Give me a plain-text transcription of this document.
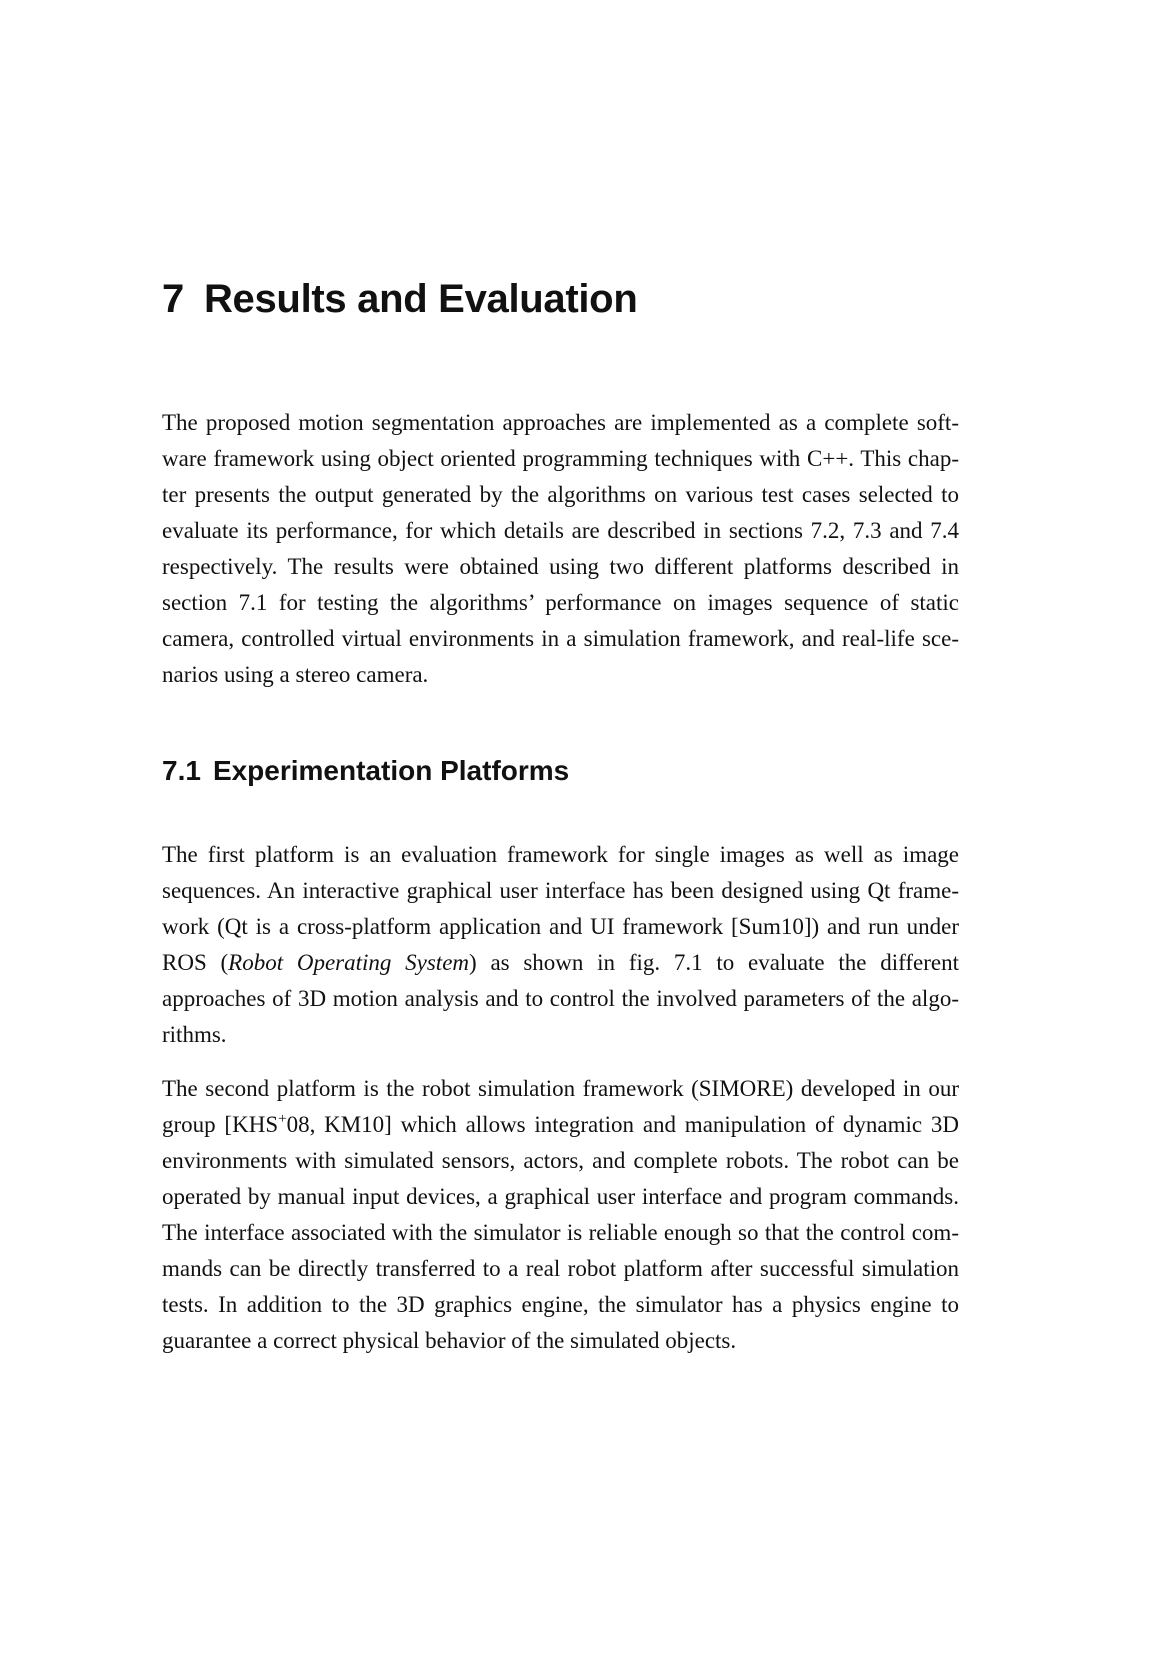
7 Results and Evaluation

The proposed motion segmentation approaches are implemented as a complete software framework using object oriented programming techniques with C++. This chapter presents the output generated by the algorithms on various test cases selected to evaluate its performance, for which details are described in sections 7.2, 7.3 and 7.4 respectively. The results were obtained using two different platforms described in section 7.1 for testing the algorithms’ performance on images sequence of static camera, controlled virtual environments in a simulation framework, and real-life scenarios using a stereo camera.

7.1 Experimentation Platforms

The first platform is an evaluation framework for single images as well as image sequences. An interactive graphical user interface has been designed using Qt framework (Qt is a cross-platform application and UI framework [Sum10]) and run under ROS (Robot Operating System) as shown in fig. 7.1 to evaluate the different approaches of 3D motion analysis and to control the involved parameters of the algorithms.

The second platform is the robot simulation framework (SIMORE) developed in our group [KHS+08, KM10] which allows integration and manipulation of dynamic 3D environments with simulated sensors, actors, and complete robots. The robot can be operated by manual input devices, a graphical user interface and program commands. The interface associated with the simulator is reliable enough so that the control commands can be directly transferred to a real robot platform after successful simulation tests. In addition to the 3D graphics engine, the simulator has a physics engine to guarantee a correct physical behavior of the simulated objects.
